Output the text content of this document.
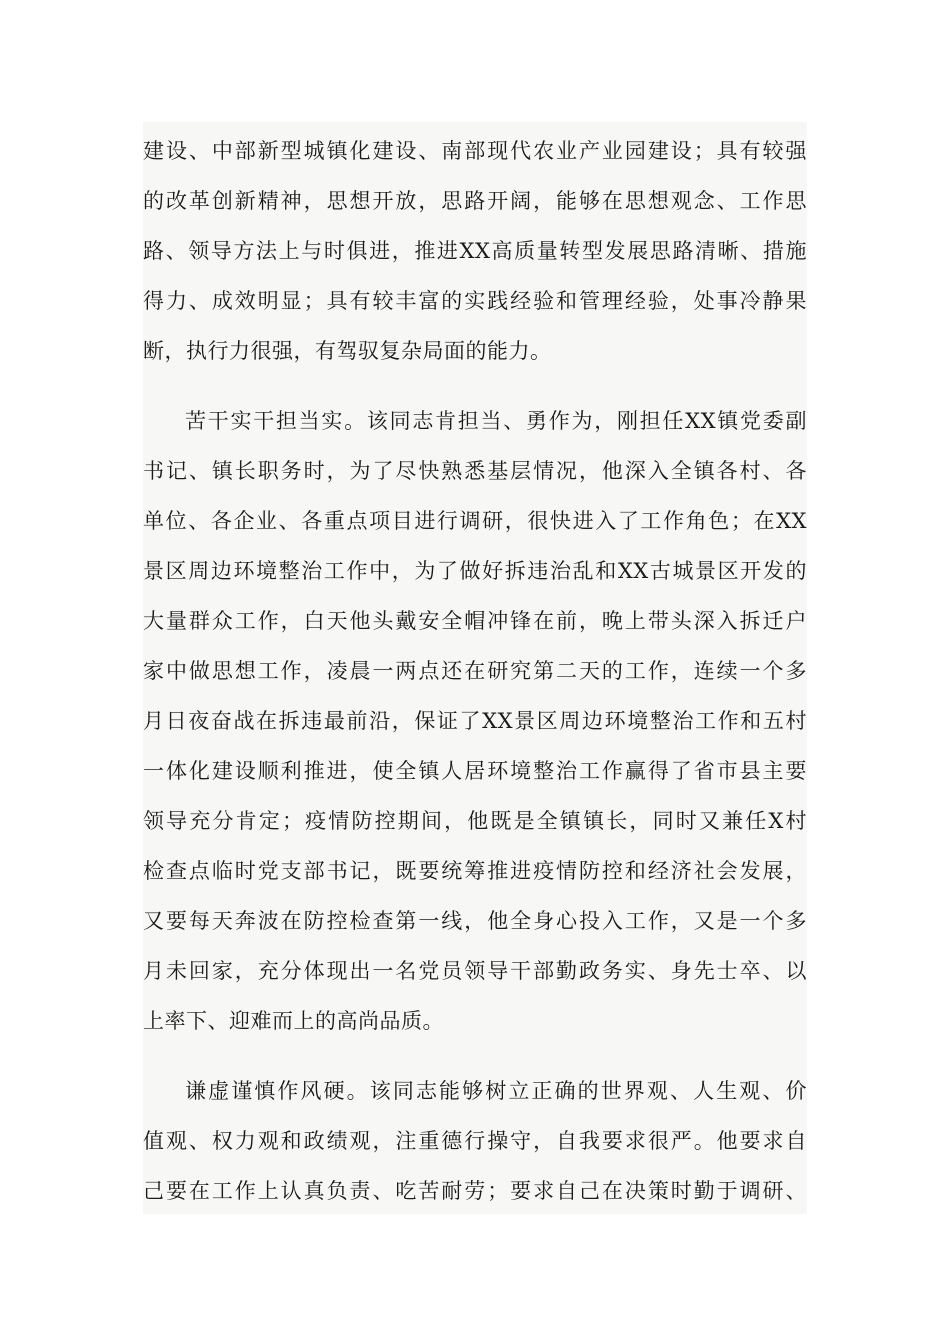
建设、中部新型城镇化建设、南部现代农业产业园建设；具有较强
的改革创新精神，思想开放，思路开阔，能够在思想观念、工作思
路、领导方法上与时俱进，推进XX高质量转型发展思路清晰、措施
得力、成效明显；具有较丰富的实践经验和管理经验，处事冷静果
断，执行力很强，有驾驭复杂局面的能力。
苦干实干担当实。该同志肯担当、勇作为，刚担任XX镇党委副
书记、镇长职务时，为了尽快熟悉基层情况，他深入全镇各村、各
单位、各企业、各重点项目进行调研，很快进入了工作角色；在XX
景区周边环境整治工作中，为了做好拆违治乱和XX古城景区开发的
大量群众工作，白天他头戴安全帽冲锋在前，晚上带头深入拆迁户
家中做思想工作，凌晨一两点还在研究第二天的工作，连续一个多
月日夜奋战在拆违最前沿，保证了XX景区周边环境整治工作和五村
一体化建设顺利推进，使全镇人居环境整治工作赢得了省市县主要
领导充分肯定；疫情防控期间，他既是全镇镇长，同时又兼任X村
检查点临时党支部书记，既要统筹推进疫情防控和经济社会发展，
又要每天奔波在防控检查第一线，他全身心投入工作，又是一个多
月未回家，充分体现出一名党员领导干部勤政务实、身先士卒、以
上率下、迎难而上的高尚品质。
谦虚谨慎作风硬。该同志能够树立正确的世界观、人生观、价
值观、权力观和政绩观，注重德行操守，自我要求很严。他要求自
己要在工作上认真负责、吃苦耐劳；要求自己在决策时勤于调研、
